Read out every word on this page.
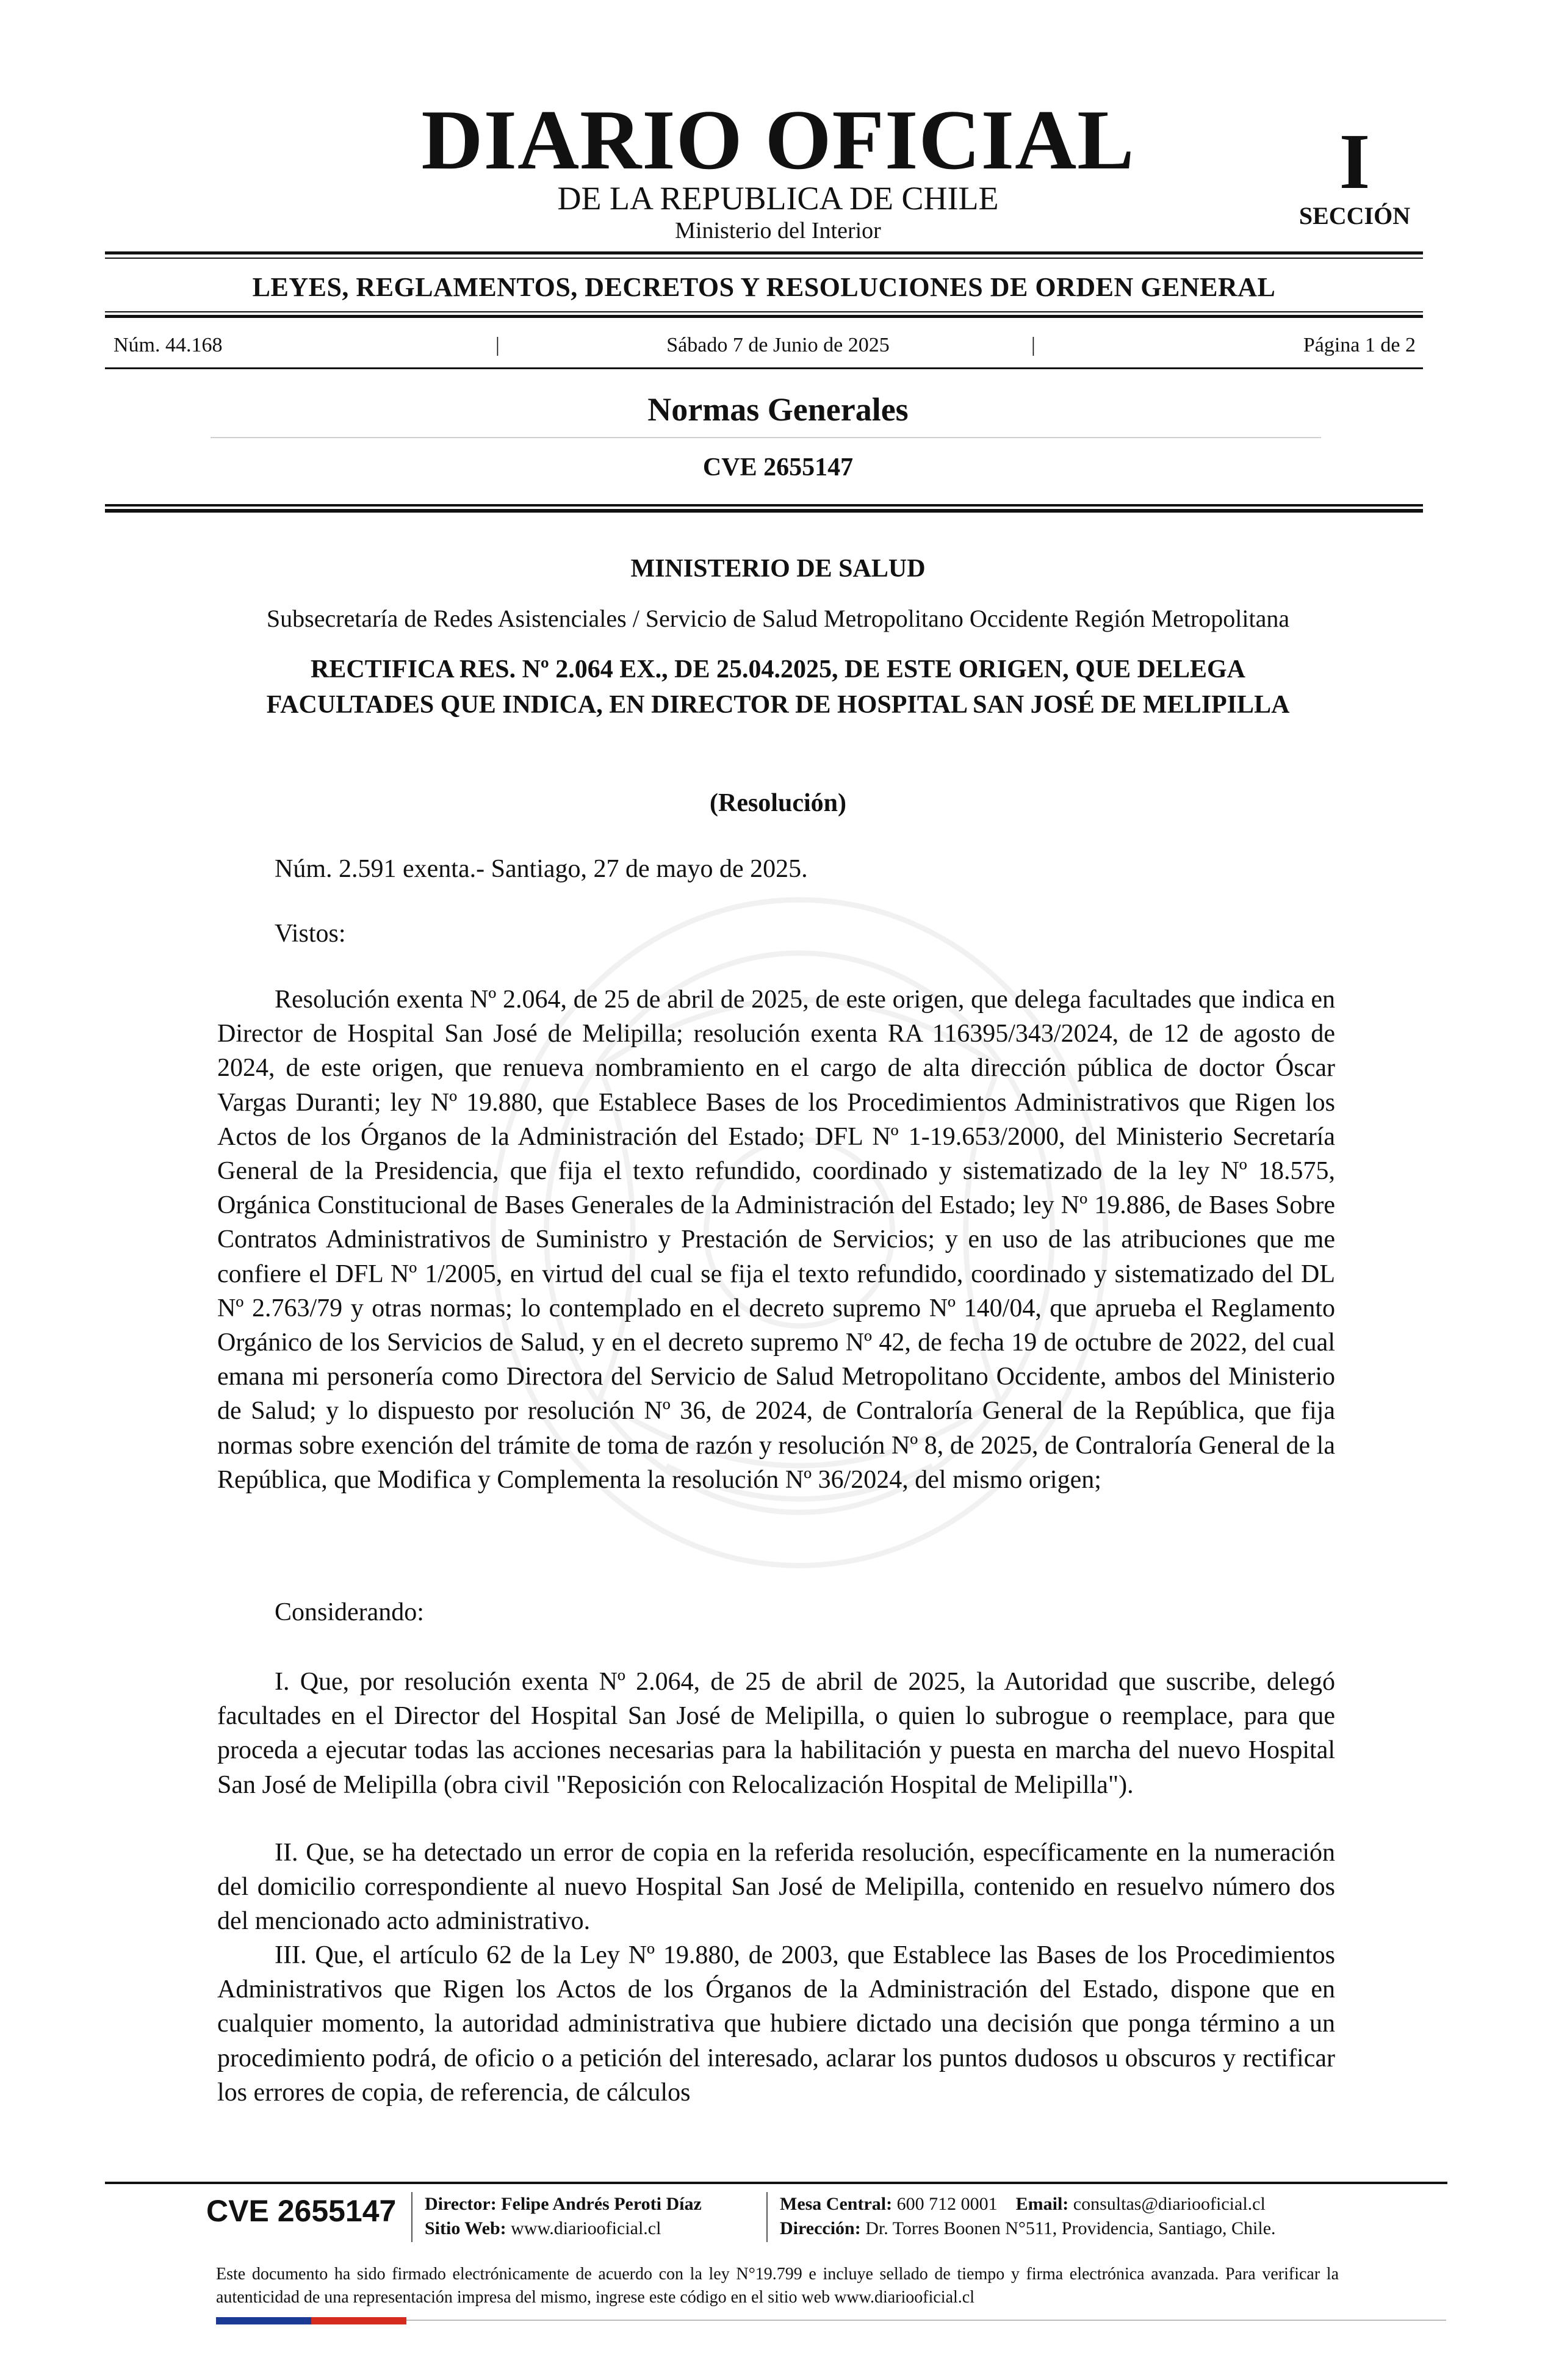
DIARIO OFICIAL
DE LA REPUBLICA DE CHILE
Ministerio del Interior
I
SECCIÓN
LEYES, REGLAMENTOS, DECRETOS Y RESOLUCIONES DE ORDEN GENERAL
Núm. 44.168	|	Sábado 7 de Junio de 2025	|	Página 1 de 2
Normas Generales
CVE 2655147
MINISTERIO DE SALUD
Subsecretaría de Redes Asistenciales / Servicio de Salud Metropolitano Occidente Región Metropolitana
RECTIFICA RES. Nº 2.064 EX., DE 25.04.2025, DE ESTE ORIGEN, QUE DELEGA FACULTADES QUE INDICA, EN DIRECTOR DE HOSPITAL SAN JOSÉ DE MELIPILLA
(Resolución)
Núm. 2.591 exenta.- Santiago, 27 de mayo de 2025.
Vistos:
Resolución exenta Nº 2.064, de 25 de abril de 2025, de este origen, que delega facultades que indica en Director de Hospital San José de Melipilla; resolución exenta RA 116395/343/2024, de 12 de agosto de 2024, de este origen, que renueva nombramiento en el cargo de alta dirección pública de doctor Óscar Vargas Duranti; ley Nº 19.880, que Establece Bases de los Procedimientos Administrativos que Rigen los Actos de los Órganos de la Administración del Estado; DFL Nº 1-19.653/2000, del Ministerio Secretaría General de la Presidencia, que fija el texto refundido, coordinado y sistematizado de la ley Nº 18.575, Orgánica Constitucional de Bases Generales de la Administración del Estado; ley Nº 19.886, de Bases Sobre Contratos Administrativos de Suministro y Prestación de Servicios; y en uso de las atribuciones que me confiere el DFL Nº 1/2005, en virtud del cual se fija el texto refundido, coordinado y sistematizado del DL Nº 2.763/79 y otras normas; lo contemplado en el decreto supremo Nº 140/04, que aprueba el Reglamento Orgánico de los Servicios de Salud, y en el decreto supremo Nº 42, de fecha 19 de octubre de 2022, del cual emana mi personería como Directora del Servicio de Salud Metropolitano Occidente, ambos del Ministerio de Salud; y lo dispuesto por resolución Nº 36, de 2024, de Contraloría General de la República, que fija normas sobre exención del trámite de toma de razón y resolución Nº 8, de 2025, de Contraloría General de la República, que Modifica y Complementa la resolución Nº 36/2024, del mismo origen;
Considerando:
I. Que, por resolución exenta Nº 2.064, de 25 de abril de 2025, la Autoridad que suscribe, delegó facultades en el Director del Hospital San José de Melipilla, o quien lo subrogue o reemplace, para que proceda a ejecutar todas las acciones necesarias para la habilitación y puesta en marcha del nuevo Hospital San José de Melipilla (obra civil "Reposición con Relocalización Hospital de Melipilla").
II. Que, se ha detectado un error de copia en la referida resolución, específicamente en la numeración del domicilio correspondiente al nuevo Hospital San José de Melipilla, contenido en resuelvo número dos del mencionado acto administrativo.
III. Que, el artículo 62 de la Ley Nº 19.880, de 2003, que Establece las Bases de los Procedimientos Administrativos que Rigen los Actos de los Órganos de la Administración del Estado, dispone que en cualquier momento, la autoridad administrativa que hubiere dictado una decisión que ponga término a un procedimiento podrá, de oficio o a petición del interesado, aclarar los puntos dudosos u obscuros y rectificar los errores de copia, de referencia, de cálculos
CVE 2655147 Director: Felipe Andrés Peroti Díaz
Sitio Web: www.diariooficial.cl
Mesa Central: 600 712 0001 Email: consultas@diariooficial.cl
Dirección: Dr. Torres Boonen N°511, Providencia, Santiago, Chile.
Este documento ha sido firmado electrónicamente de acuerdo con la ley N°19.799 e incluye sellado de tiempo y firma electrónica avanzada. Para verificar la autenticidad de una representación impresa del mismo, ingrese este código en el sitio web www.diariooficial.cl
